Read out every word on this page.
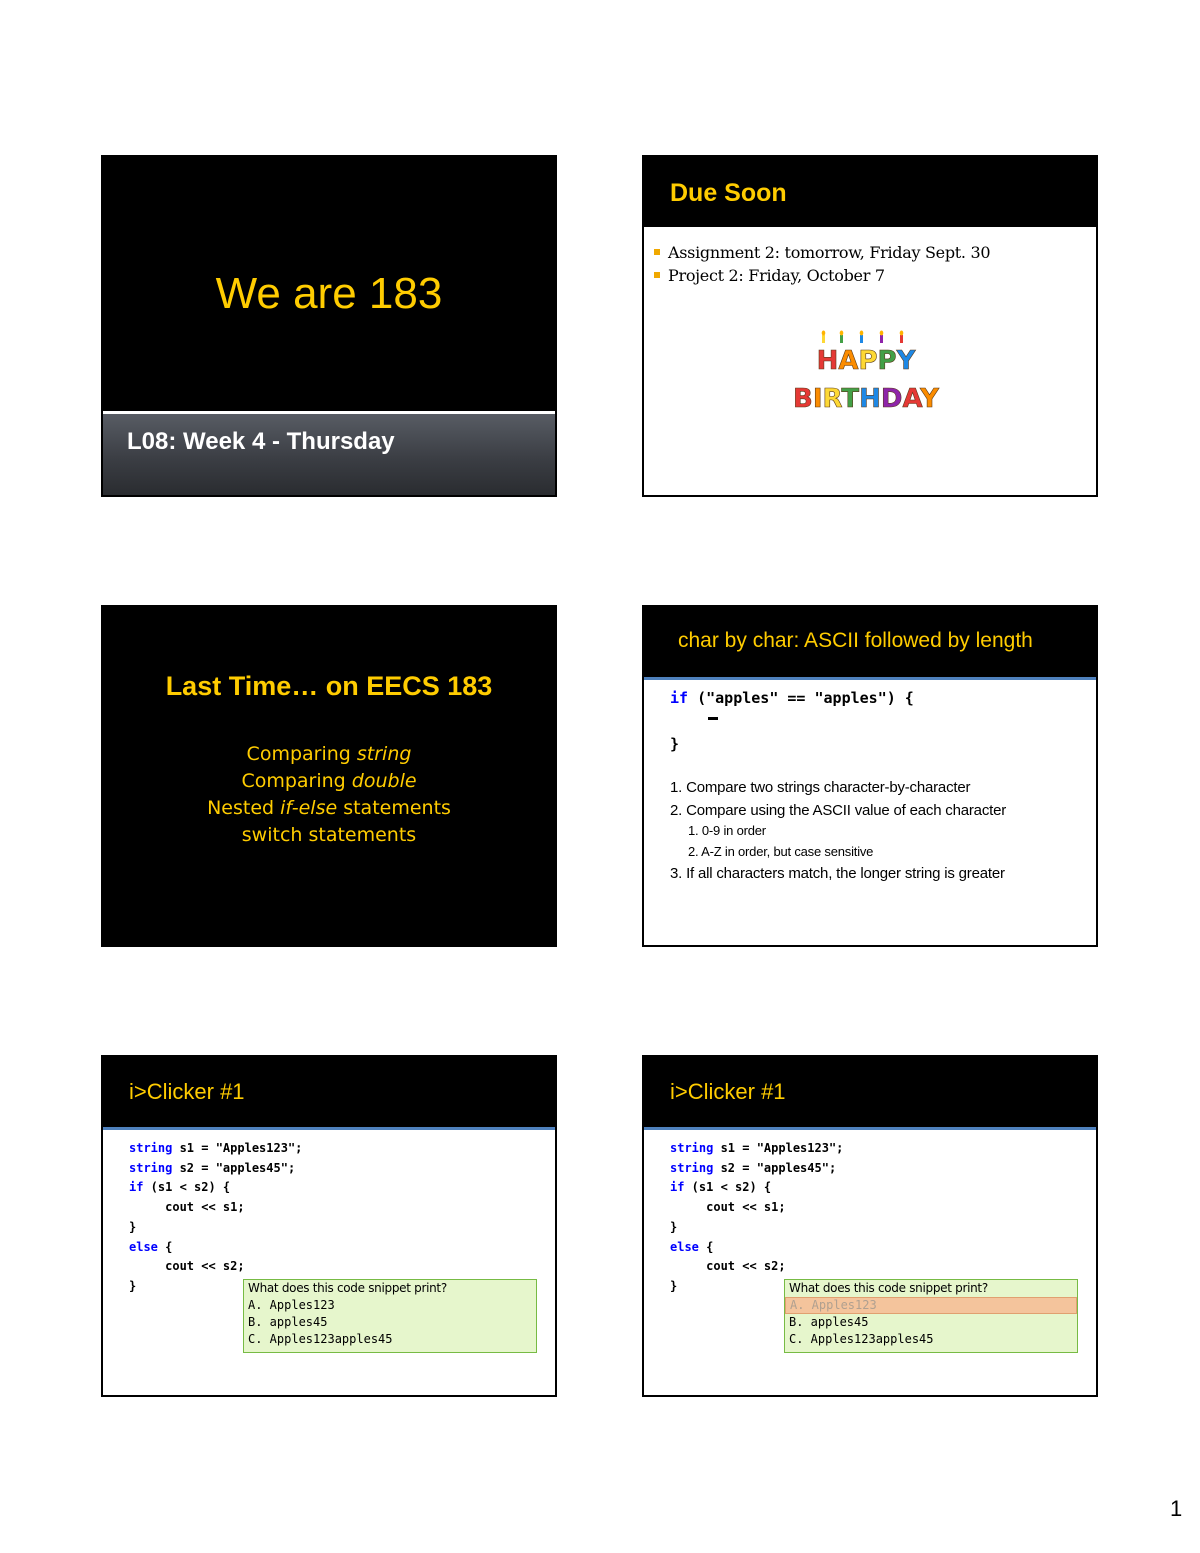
We are 183
L08: Week 4 - Thursday
Due Soon
Assignment 2: tomorrow, Friday Sept. 30
Project 2: Friday, October 7
HAPPY
BIRTHDAY
Last Time… on EECS 183
Comparing string
Comparing double
Nested if-else statements
switch statements
char by char: ASCII followed by length
if ("apples" == "apples") {
}
1. Compare two strings character-by-character
2. Compare using the ASCII value of each character
1. 0-9 in order
2. A-Z in order, but case sensitive
3. If all characters match, the longer string is greater
i>Clicker #1
string s1 = "Apples123";
string s2 = "apples45";
if (s1 < s2) {
cout << s1;
}
else {
cout << s2;
}	What does this code snippet print?
A. Apples123
B. apples45
C. Apples123apples45
i>Clicker #1
string s1 = "Apples123";
string s2 = "apples45";
if (s1 < s2) {
cout << s1;
}
else {
cout << s2;
}	What does this code snippet print?
A. Apples123
B. apples45
C. Apples123apples45
1
